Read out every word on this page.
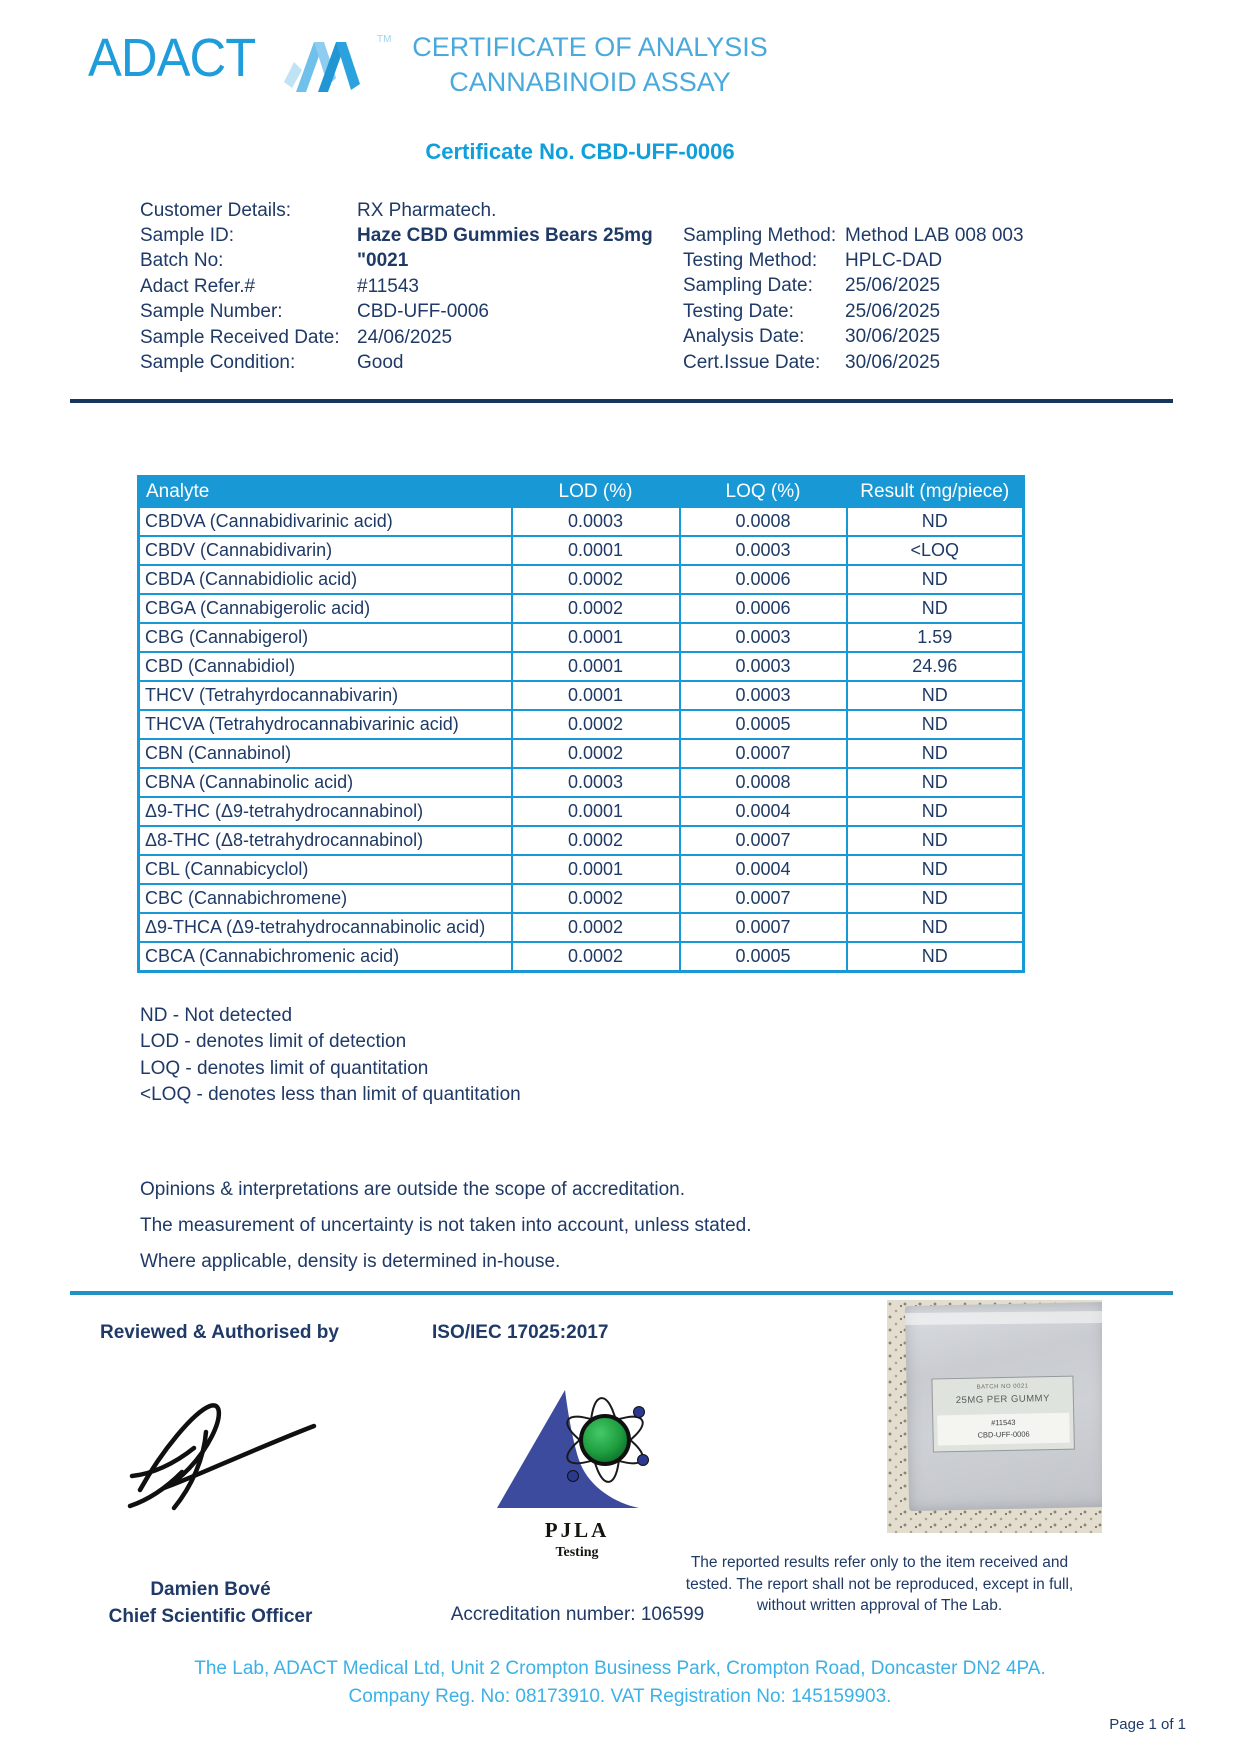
ADACT	TM CERTIFICATE OF ANALYSIS
CANNABINOID ASSAY
Certificate No. CBD-UFF-0006
Customer Details:	RX Pharmatech.
Sample ID:	Haze CBD Gummies Bears 25mg
Batch No:	"0021
Adact Refer.#	#11543
Sample Number:	CBD-UFF-0006
Sample Received Date: 24/06/2025
Sample Condition:	Good
Sampling Method: Method LAB 008 003
Testing Method:	HPLC-DAD
Sampling Date:	25/06/2025
Testing Date:	25/06/2025
Analysis Date:	30/06/2025
Cert.Issue Date:	30/06/2025
Analyte	LOD (%)	LOQ (%)	Result (mg/piece)
CBDVA (Cannabidivarinic acid)	0.0003	0.0008	ND
CBDV (Cannabidivarin)	0.0001	0.0003	<LOQ
CBDA (Cannabidiolic acid)	0.0002	0.0006	ND
CBGA (Cannabigerolic acid)	0.0002	0.0006	ND
CBG (Cannabigerol)	0.0001	0.0003	1.59
CBD (Cannabidiol)	0.0001	0.0003	24.96
THCV (Tetrahyrdocannabivarin)	0.0001	0.0003	ND
THCVA (Tetrahydrocannabivarinic acid)	0.0002	0.0005	ND
CBN (Cannabinol)	0.0002	0.0007	ND
CBNA (Cannabinolic acid)	0.0003	0.0008	ND
Δ9-THC (Δ9-tetrahydrocannabinol)	0.0001	0.0004	ND
Δ8-THC (Δ8-tetrahydrocannabinol)	0.0002	0.0007	ND
CBL (Cannabicyclol)	0.0001	0.0004	ND
CBC (Cannabichromene)	0.0002	0.0007	ND
Δ9-THCA (Δ9-tetrahydrocannabinolic acid)	0.0002	0.0007	ND
CBCA (Cannabichromenic acid)	0.0002	0.0005	ND
ND - Not detected
LOD - denotes limit of detection
LOQ - denotes limit of quantitation
<LOQ - denotes less than limit of quantitation
Opinions & interpretations are outside the scope of accreditation.
The measurement of uncertainty is not taken into account, unless stated.
Where applicable, density is determined in-house.
Reviewed & Authorised by	ISO/IEC 17025:2017
PJLA
Testing
Damien Bové
Chief Scientific Officer	Accreditation number: 106599
BATCH NO 0021
25MG PER GUMMY
#11543
CBD-UFF-0006
The reported results refer only to the item received and tested. The report shall not be reproduced, except in full, without written approval of The Lab.
The Lab, ADACT Medical Ltd, Unit 2 Crompton Business Park, Crompton Road, Doncaster DN2 4PA.
Company Reg. No: 08173910. VAT Registration No: 145159903.
Page 1 of 1
